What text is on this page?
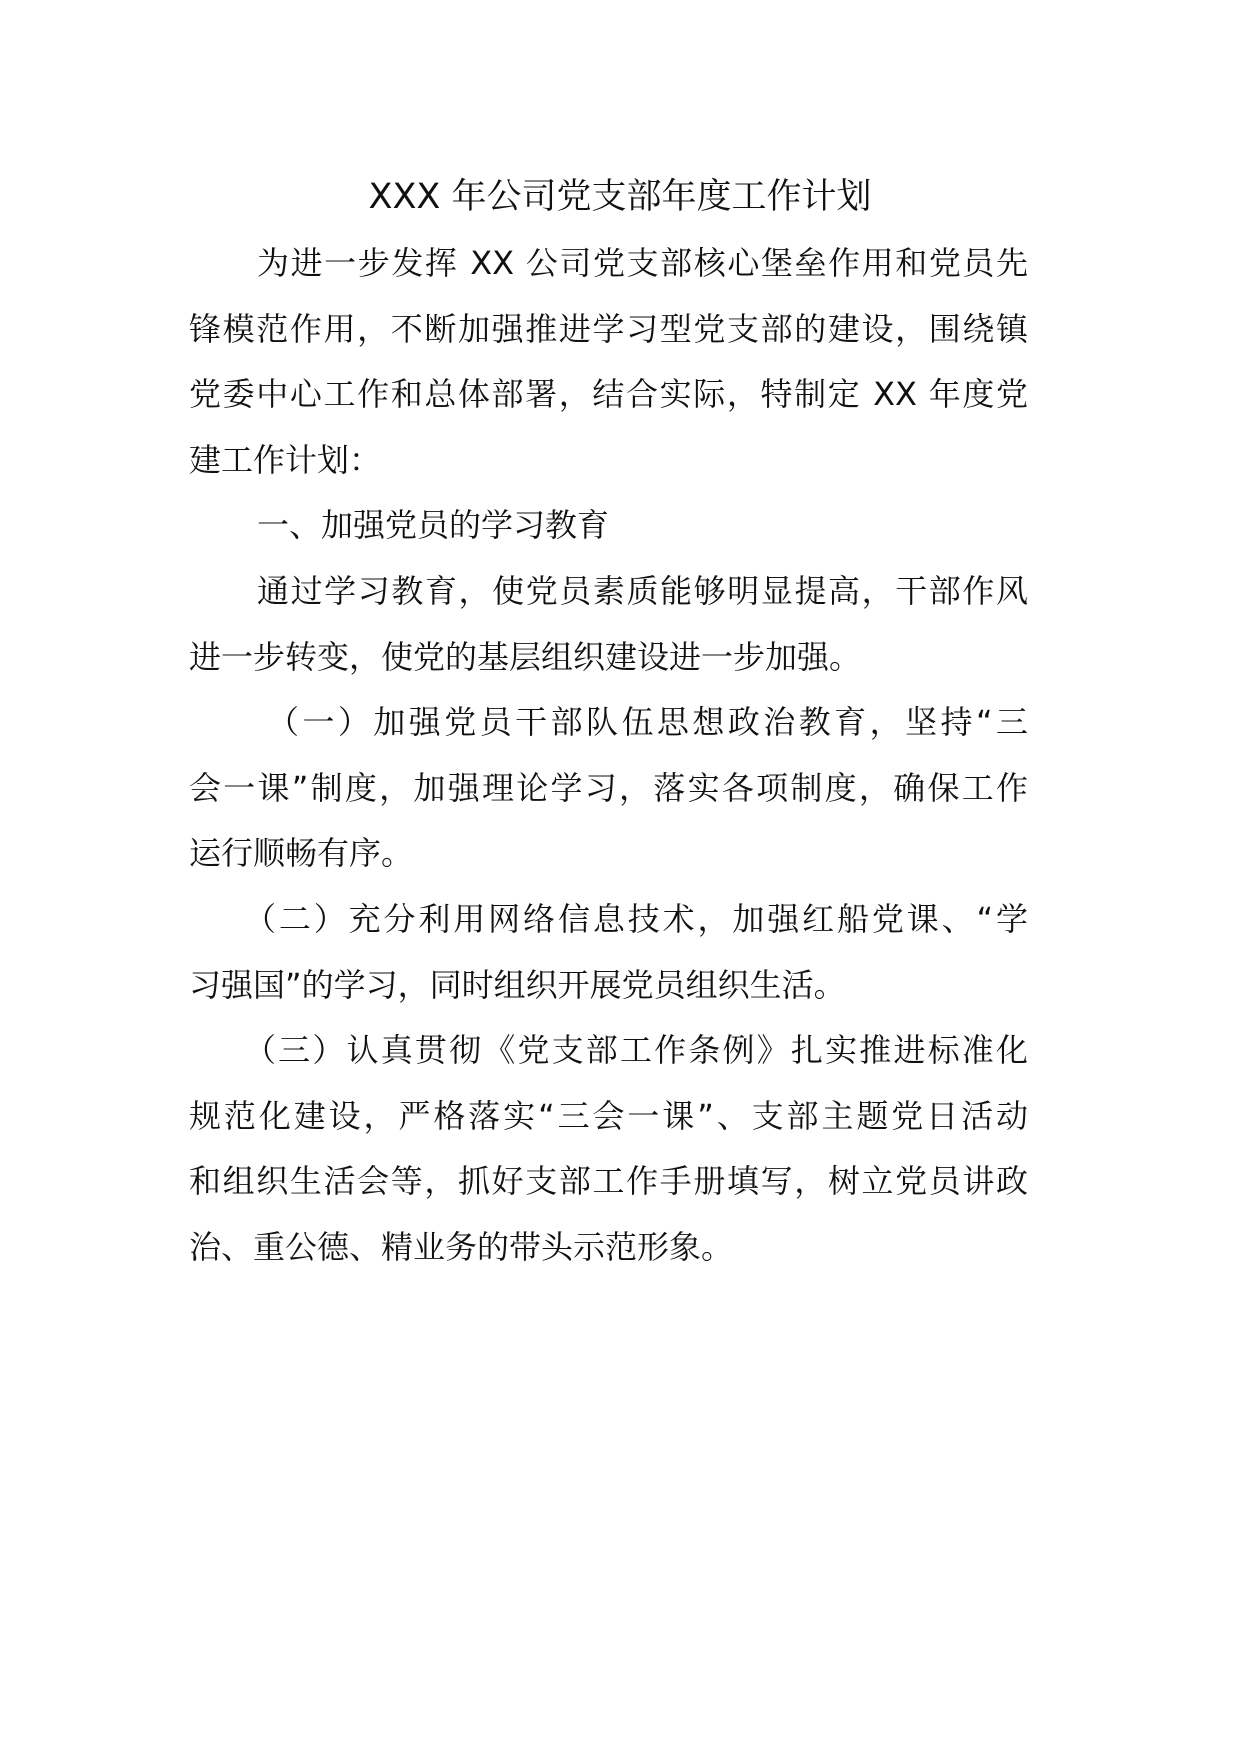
XXX 年公司党支部年度工作计划
为进一步发挥 XX 公司党支部核心堡垒作用和党员先
锋模范作用，不断加强推进学习型党支部的建设，围绕镇
党委中心工作和总体部署，结合实际，特制定 XX 年度党
建工作计划：
一、加强党员的学习教育
通过学习教育，使党员素质能够明显提高，干部作风
进一步转变，使党的基层组织建设进一步加强。
（一）加强党员干部队伍思想政治教育，坚持“三
会一课”制度，加强理论学习，落实各项制度，确保工作
运行顺畅有序。
（二）充分利用网络信息技术，加强红船党课、“学
习强国”的学习，同时组织开展党员组织生活。
（三）认真贯彻《党支部工作条例》扎实推进标准化
规范化建设，严格落实“三会一课”、支部主题党日活动
和组织生活会等，抓好支部工作手册填写，树立党员讲政
治、重公德、精业务的带头示范形象。
